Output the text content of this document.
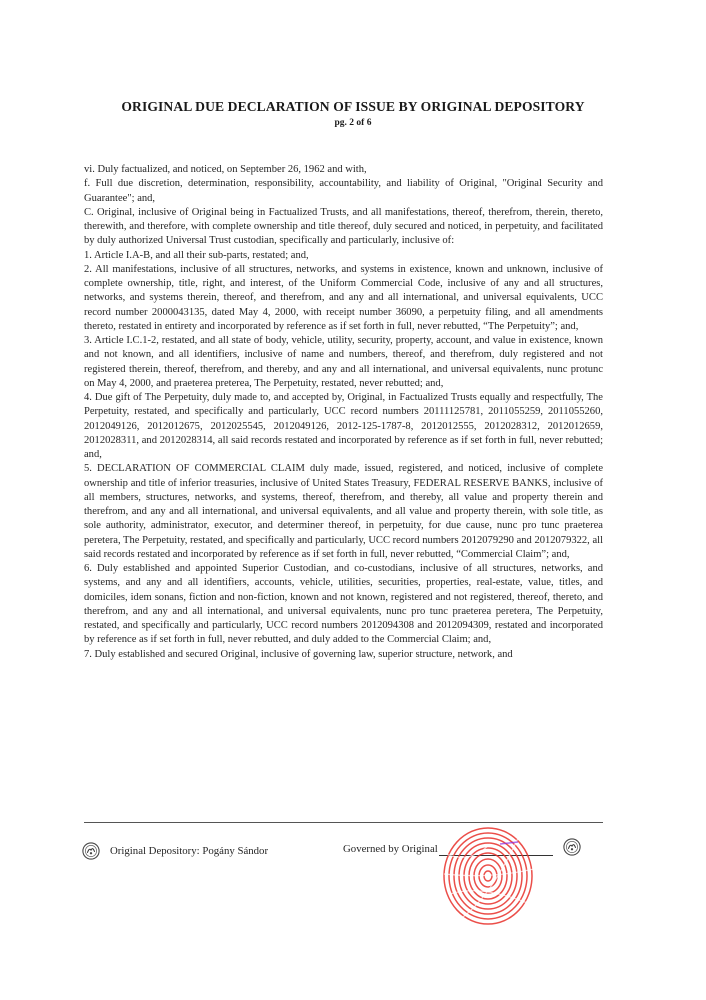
ORIGINAL DUE DECLARATION OF ISSUE BY ORIGINAL DEPOSITORY
pg. 2 of 6

vi. Duly factualized, and noticed, on September 26, 1962 and with,

f. Full due discretion, determination, responsibility, accountability, and liability of Original, "Original Security and Guarantee"; and,

C. Original, inclusive of Original being in Factualized Trusts, and all manifestations, thereof, therefrom, therein, thereto, therewith, and therefore, with complete ownership and title thereof, duly secured and noticed, in perpetuity, and facilitated by duly authorized Universal Trust custodian, specifically and particularly, inclusive of:

1. Article I.A-B, and all their sub-parts, restated; and,

2. All manifestations, inclusive of all structures, networks, and systems in existence, known and unknown, inclusive of complete ownership, title, right, and interest, of the Uniform Commercial Code, inclusive of any and all structures, networks, and systems therein, thereof, and therefrom, and any and all international, and universal equivalents, UCC record number 2000043135, dated May 4, 2000, with receipt number 36090, a perpetuity filing, and all amendments thereto, restated in entirety and incorporated by reference as if set forth in full, never rebutted, “The Perpetuity”; and,

3. Article I.C.1-2, restated, and all state of body, vehicle, utility, security, property, account, and value in existence, known and not known, and all identifiers, inclusive of name and numbers, thereof, and therefrom, duly registered and not registered therein, thereof, therefrom, and thereby, and any and all international, and universal equivalents, nunc protunc on May 4, 2000, and praeterea preterea, The Perpetuity, restated, never rebutted; and,

4. Due gift of The Perpetuity, duly made to, and accepted by, Original, in Factualized Trusts equally and respectfully, The Perpetuity, restated, and specifically and particularly, UCC record numbers 20111125781, 2011055259, 2011055260, 2012049126, 2012012675, 2012025545, 2012049126, 2012-125-1787-8, 2012012555, 2012028312, 2012012659, 2012028311, and 2012028314, all said records restated and incorporated by reference as if set forth in full, never rebutted; and,

5. DECLARATION OF COMMERCIAL CLAIM duly made, issued, registered, and noticed, inclusive of complete ownership and title of inferior treasuries, inclusive of United States Treasury, FEDERAL RESERVE BANKS, inclusive of all members, structures, networks, and systems, thereof, therefrom, and thereby, all value and property therein and therefrom, and any and all international, and universal equivalents, and all value and property therein, with sole title, as sole authority, administrator, executor, and determiner thereof, in perpetuity, for due cause, nunc pro tunc praeterea peretera, The Perpetuity, restated, and specifically and particularly, UCC record numbers 2012079290 and 2012079322, all said records restated and incorporated by reference as if set forth in full, never rebutted, “Commercial Claim”; and,

6. Duly established and appointed Superior Custodian, and co-custodians, inclusive of all structures, networks, and systems, and any and all identifiers, accounts, vehicle, utilities, securities, properties, real-estate, value, titles, and domiciles, idem sonans, fiction and non-fiction, known and not known, registered and not registered, thereof, thereto, and therefrom, and any and all international, and universal equivalents, nunc pro tunc praeterea peretera, The Perpetuity, restated, and specifically and particularly, UCC record numbers 2012094308 and 2012094309, restated and incorporated by reference as if set forth in full, never rebutted, and duly added to the Commercial Claim; and,

7. Duly established and secured Original, inclusive of governing law, superior structure, network, and

Original Depository: Pogány Sándor	Governed by Original
